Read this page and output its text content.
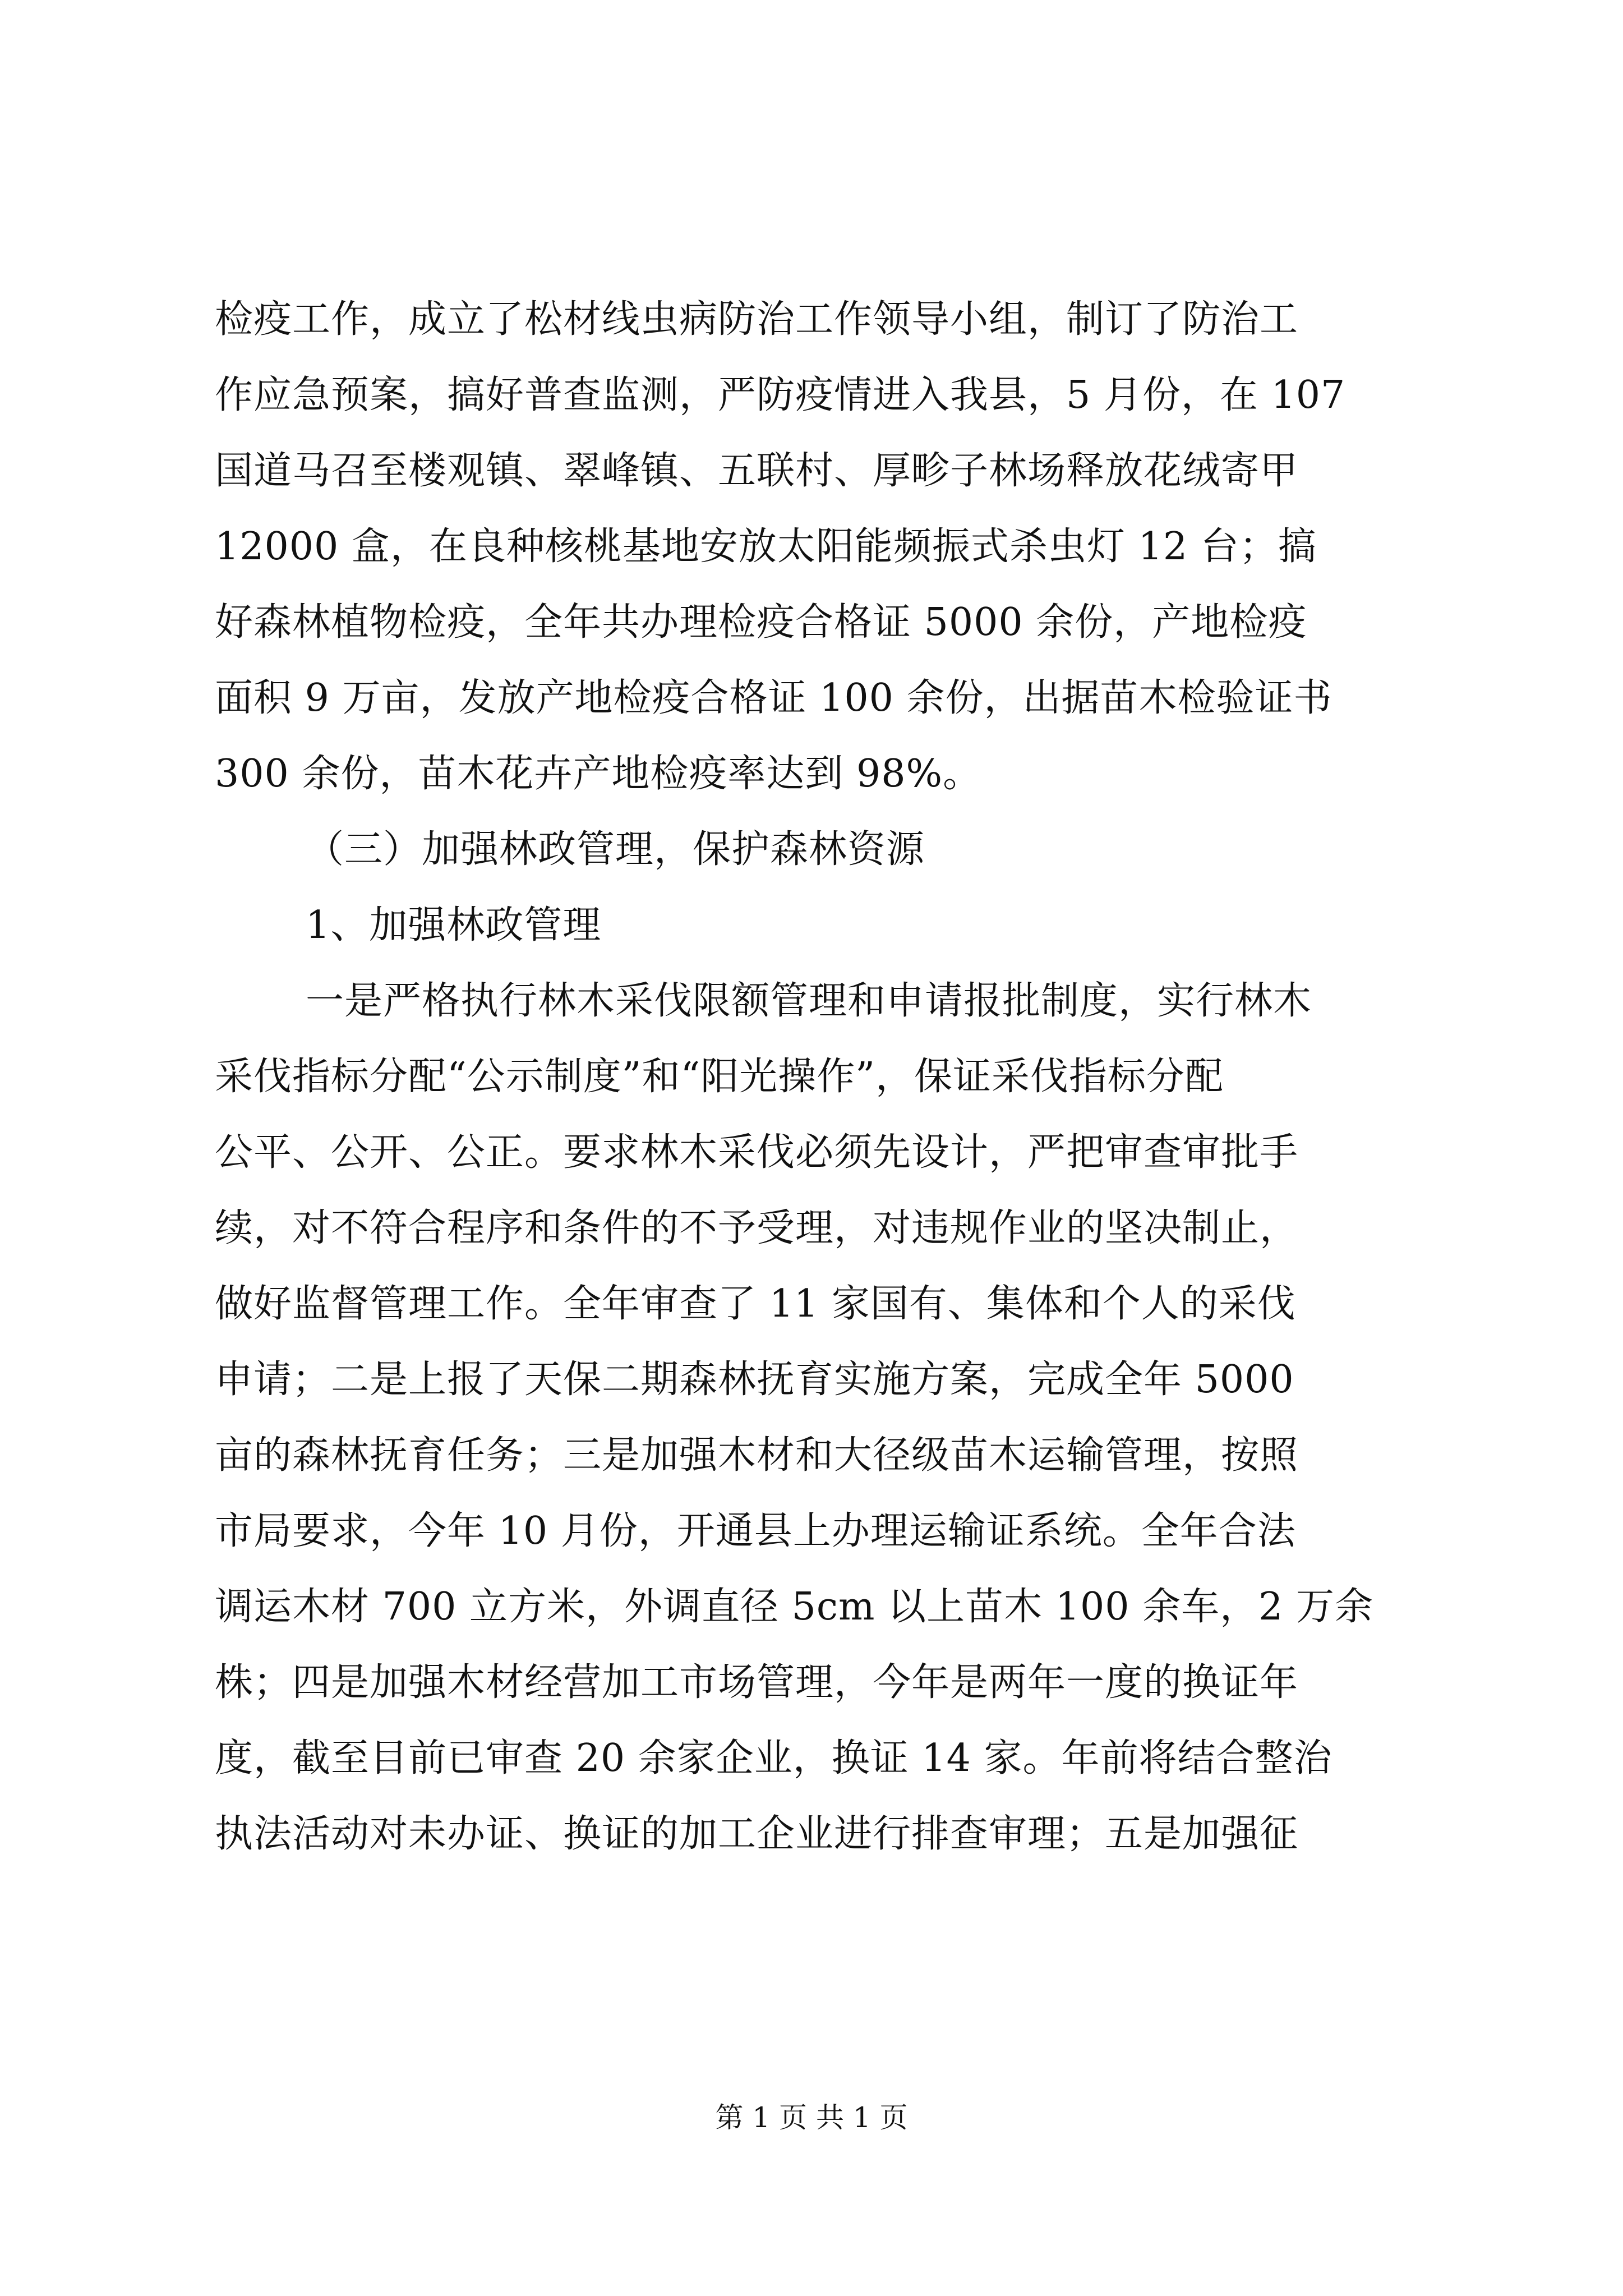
检疫工作，成立了松材线虫病防治工作领导小组，制订了防治工
作应急预案，搞好普查监测，严防疫情进入我县，5 月份，在 107
国道马召至楼观镇、翠峰镇、五联村、厚畛子林场释放花绒寄甲
12000 盒，在良种核桃基地安放太阳能频振式杀虫灯 12 台；搞
好森林植物检疫，全年共办理检疫合格证 5000 余份，产地检疫
面积 9 万亩，发放产地检疫合格证 100 余份，出据苗木检验证书
300 余份，苗木花卉产地检疫率达到 98%。
（三）加强林政管理，保护森林资源
1、加强林政管理
一是严格执行林木采伐限额管理和申请报批制度，实行林木
采伐指标分配“公示制度”和“阳光操作”，保证采伐指标分配
公平、公开、公正。要求林木采伐必须先设计，严把审查审批手
续，对不符合程序和条件的不予受理，对违规作业的坚决制止，
做好监督管理工作。全年审查了 11 家国有、集体和个人的采伐
申请；二是上报了天保二期森林抚育实施方案，完成全年 5000
亩的森林抚育任务；三是加强木材和大径级苗木运输管理，按照
市局要求，今年 10 月份，开通县上办理运输证系统。全年合法
调运木材 700 立方米，外调直径 5cm 以上苗木 100 余车，2 万余
株；四是加强木材经营加工市场管理，今年是两年一度的换证年
度，截至目前已审查 20 余家企业，换证 14 家。年前将结合整治
执法活动对未办证、换证的加工企业进行排查审理；五是加强征
第 1 页 共 1 页
